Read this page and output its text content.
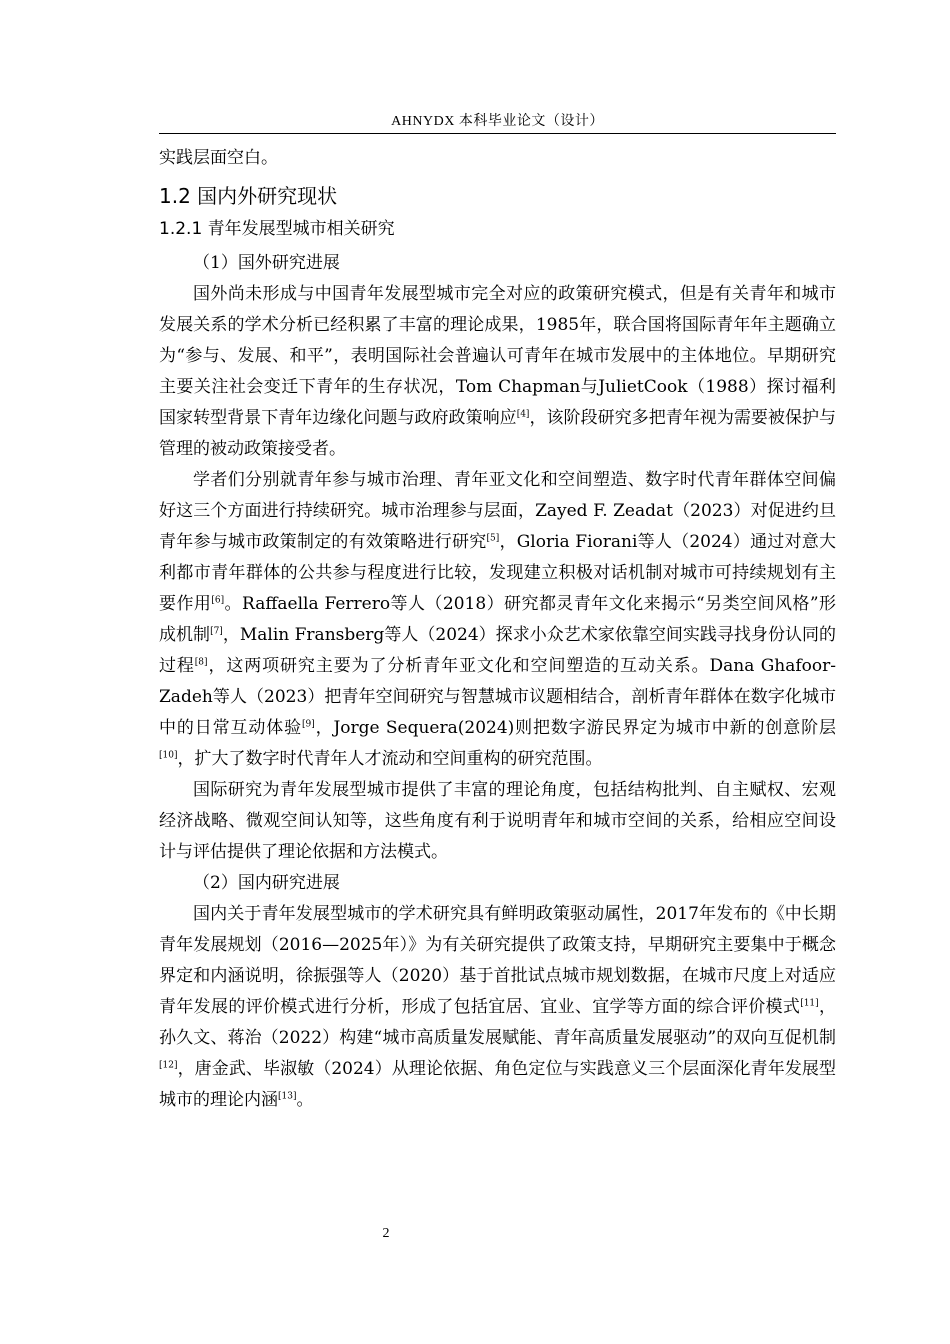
AHNYDX 本科毕业论文（设计）

实践层面空白。

1.2 国内外研究现状
1.2.1 青年发展型城市相关研究

（1）国外研究进展

国外尚未形成与中国青年发展型城市完全对应的政策研究模式，但是有关青年和城市发展关系的学术分析已经积累了丰富的理论成果，1985年，联合国将国际青年年主题确立为“参与、发展、和平”，表明国际社会普遍认可青年在城市发展中的主体地位。早期研究主要关注社会变迁下青年的生存状况，Tom Chapman与JulietCook（1988）探讨福利国家转型背景下青年边缘化问题与政府政策响应[4]，该阶段研究多把青年视为需要被保护与管理的被动政策接受者。

学者们分别就青年参与城市治理、青年亚文化和空间塑造、数字时代青年群体空间偏好这三个方面进行持续研究。城市治理参与层面，Zayed F. Zeadat（2023）对促进约旦青年参与城市政策制定的有效策略进行研究[5]，Gloria Fiorani等人（2024）通过对意大利都市青年群体的公共参与程度进行比较，发现建立积极对话机制对城市可持续规划有主要作用[6]。Raffaella Ferrero等人（2018）研究都灵青年文化来揭示“另类空间风格”形成机制[7]，Malin Fransberg等人（2024）探求小众艺术家依靠空间实践寻找身份认同的过程[8]，这两项研究主要为了分析青年亚文化和空间塑造的互动关系。Dana Ghafoor-Zadeh等人（2023）把青年空间研究与智慧城市议题相结合，剖析青年群体在数字化城市中的日常互动体验[9]，Jorge Sequera(2024)则把数字游民界定为城市中新的创意阶层[10]，扩大了数字时代青年人才流动和空间重构的研究范围。

国际研究为青年发展型城市提供了丰富的理论角度，包括结构批判、自主赋权、宏观经济战略、微观空间认知等，这些角度有利于说明青年和城市空间的关系，给相应空间设计与评估提供了理论依据和方法模式。

（2）国内研究进展

国内关于青年发展型城市的学术研究具有鲜明政策驱动属性，2017年发布的《中长期青年发展规划（2016—2025年）》为有关研究提供了政策支持，早期研究主要集中于概念界定和内涵说明，徐振强等人（2020）基于首批试点城市规划数据，在城市尺度上对适应青年发展的评价模式进行分析，形成了包括宜居、宜业、宜学等方面的综合评价模式[11]，孙久文、蒋治（2022）构建“城市高质量发展赋能、青年高质量发展驱动”的双向互促机制[12]，唐金武、毕淑敏（2024）从理论依据、角色定位与实践意义三个层面深化青年发展型城市的理论内涵[13]。

2
